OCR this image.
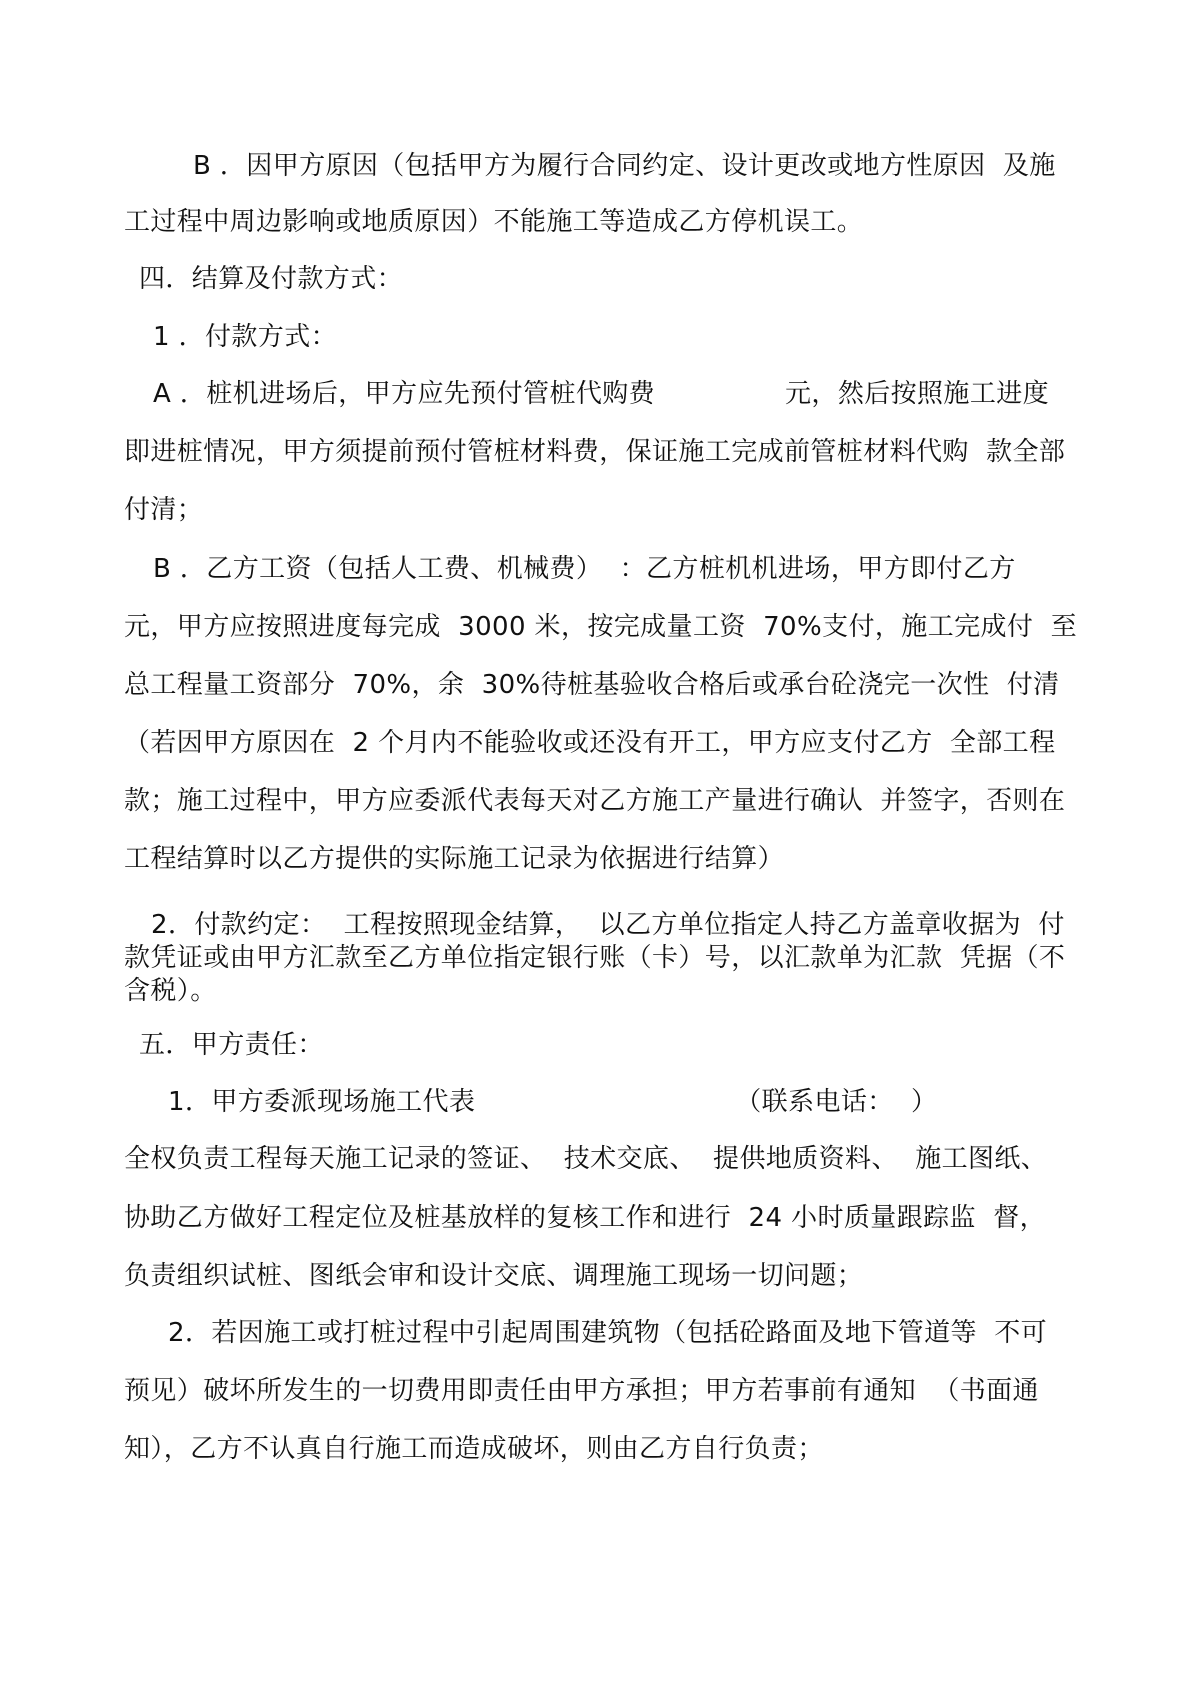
B ．因甲方原因（包括甲方为履行合同约定、设计更改或地方性原因  及施
工过程中周边影响或地质原因）不能施工等造成乙方停机误工。
四．结算及付款方式：
1 ．付款方式：
A ．桩机进场后，甲方应先预付管桩代购费               元，然后按照施工进度
即进桩情况，甲方须提前预付管桩材料费，保证施工完成前管桩材料代购  款全部
付清；
B ．乙方工资（包括人工费、机械费）  ：乙方桩机机进场，甲方即付乙方
元，甲方应按照进度每完成  3000 米，按完成量工资  70%支付，施工完成付  至
总工程量工资部分  70%，余  30%待桩基验收合格后或承台砼浇完一次性  付清
（若因甲方原因在  2 个月内不能验收或还没有开工，甲方应支付乙方  全部工程
款；施工过程中，甲方应委派代表每天对乙方施工产量进行确认  并签字，否则在
工程结算时以乙方提供的实际施工记录为依据进行结算）
2．付款约定：  工程按照现金结算，  以乙方单位指定人持乙方盖章收据为  付
款凭证或由甲方汇款至乙方单位指定银行账（卡）号，以汇款单为汇款  凭据（不
含税）。
五．甲方责任：
1．甲方委派现场施工代表                              （联系电话：  ）
全权负责工程每天施工记录的签证、  技术交底、  提供地质资料、  施工图纸、
协助乙方做好工程定位及桩基放样的复核工作和进行  24 小时质量跟踪监  督，
负责组织试桩、图纸会审和设计交底、调理施工现场一切问题；
2．若因施工或打桩过程中引起周围建筑物（包括砼路面及地下管道等  不可
预见）破坏所发生的一切费用即责任由甲方承担；甲方若事前有通知  （书面通
知），乙方不认真自行施工而造成破坏，则由乙方自行负责；
